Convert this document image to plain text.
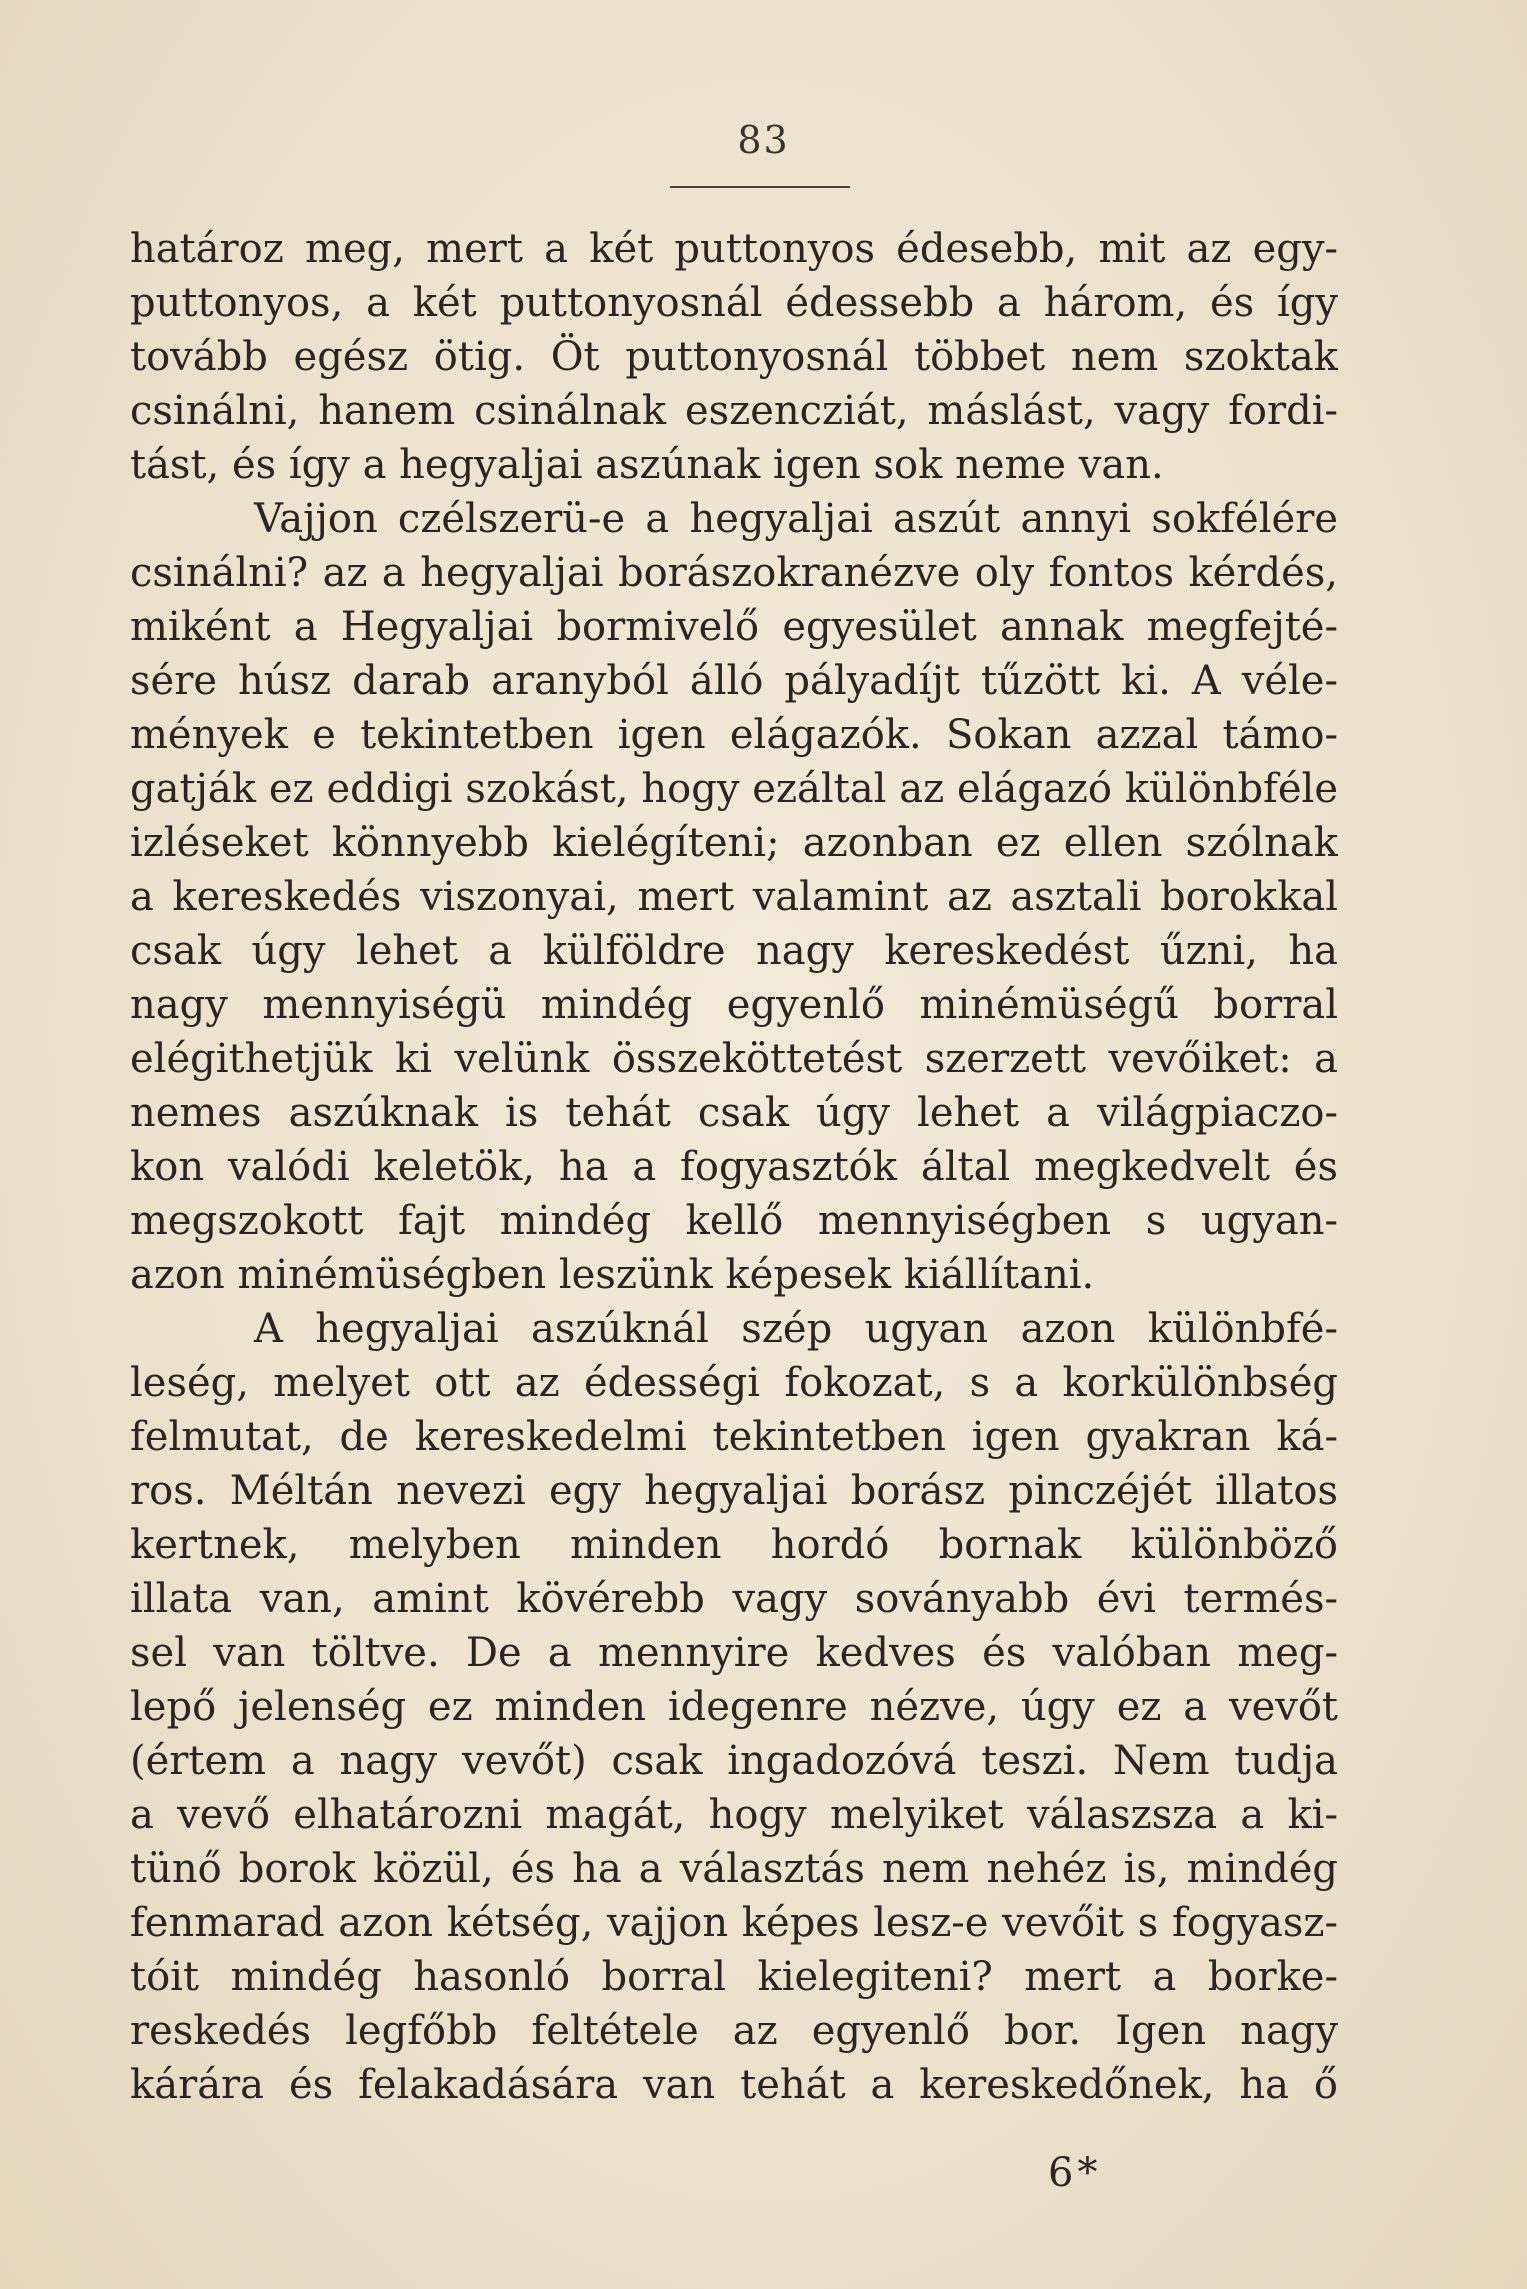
83
határoz meg, mert a két puttonyos édesebb, mit az egy-
puttonyos, a két puttonyosnál édessebb a három, és így
tovább egész ötig. Öt puttonyosnál többet nem szoktak
csinálni, hanem csinálnak eszencziát, máslást, vagy fordi-
tást, és így a hegyaljai aszúnak igen sok neme van.
Vajjon czélszerü-e a hegyaljai aszút annyi sokfélére
csinálni? az a hegyaljai borászokranézve oly fontos kérdés,
miként a Hegyaljai bormivelő egyesület annak megfejté-
sére húsz darab aranyból álló pályadíjt tűzött ki. A véle-
mények e tekintetben igen elágazók. Sokan azzal támo-
gatják ez eddigi szokást, hogy ezáltal az elágazó különbféle
izléseket könnyebb kielégíteni; azonban ez ellen szólnak
a kereskedés viszonyai, mert valamint az asztali borokkal
csak úgy lehet a külföldre nagy kereskedést űzni, ha
nagy mennyiségü mindég egyenlő minémüségű borral
elégithetjük ki velünk összeköttetést szerzett vevőiket: a
nemes aszúknak is tehát csak úgy lehet a világpiaczo-
kon valódi keletök, ha a fogyasztók által megkedvelt és
megszokott fajt mindég kellő mennyiségben s ugyan-
azon minémüségben leszünk képesek kiállítani.
A hegyaljai aszúknál szép ugyan azon különbfé-
leség, melyet ott az édességi fokozat, s a korkülönbség
felmutat, de kereskedelmi tekintetben igen gyakran ká-
ros. Méltán nevezi egy hegyaljai borász pinczéjét illatos
kertnek, melyben minden hordó bornak különböző
illata van, amint kövérebb vagy soványabb évi termés-
sel van töltve. De a mennyire kedves és valóban meg-
lepő jelenség ez minden idegenre nézve, úgy ez a vevőt
(értem a nagy vevőt) csak ingadozóvá teszi. Nem tudja
a vevő elhatározni magát, hogy melyiket válaszsza a ki-
tünő borok közül, és ha a választás nem nehéz is, mindég
fenmarad azon kétség, vajjon képes lesz-e vevőit s fogyasz-
tóit mindég hasonló borral kielegiteni? mert a borke-
reskedés legfőbb feltétele az egyenlő bor. Igen nagy
kárára és felakadására van tehát a kereskedőnek, ha ő
6*
